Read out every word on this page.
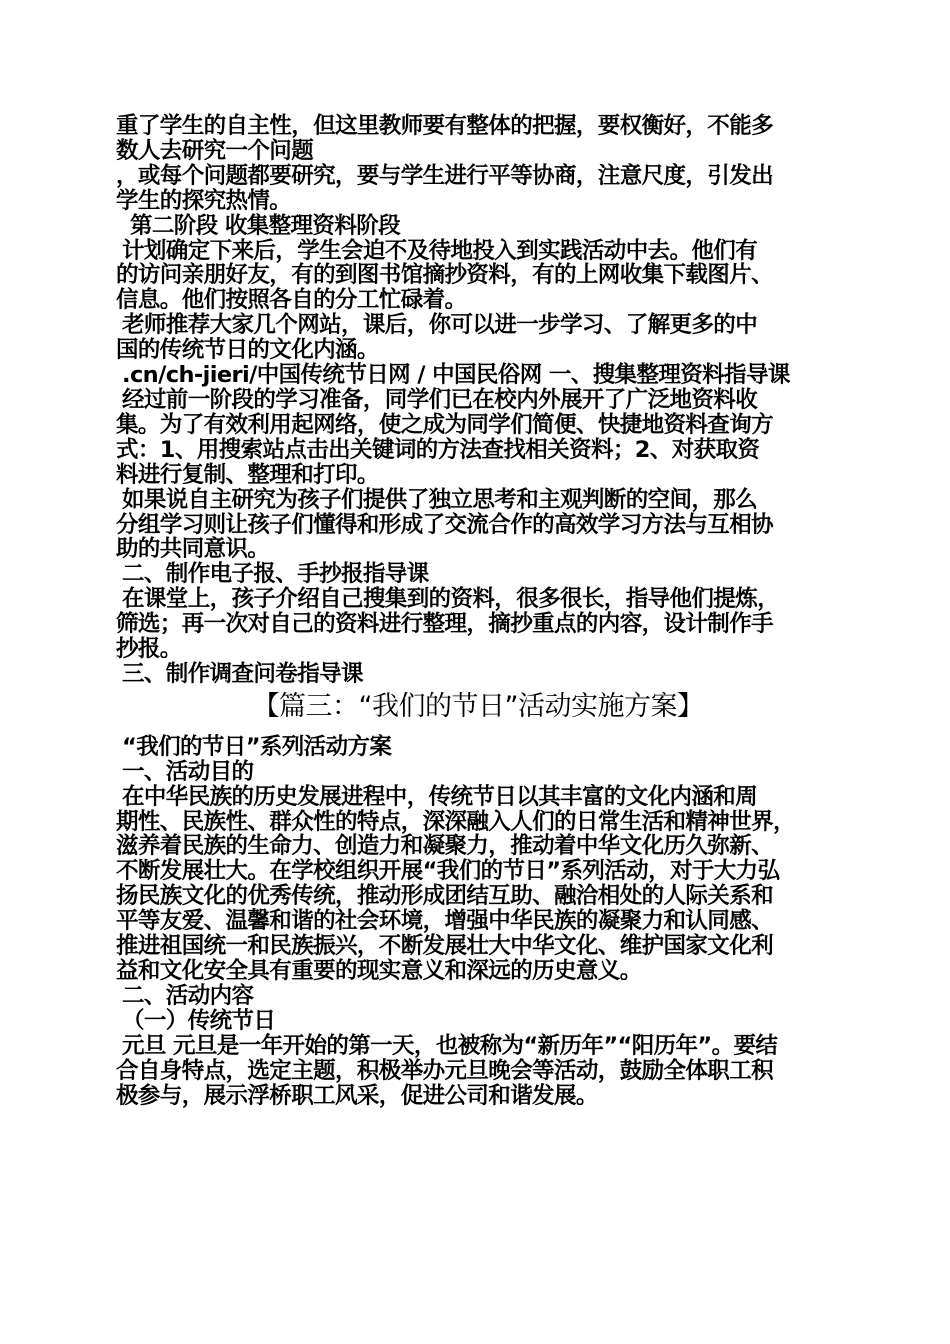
重了学生的自主性，但这里教师要有整体的把握，要权衡好，不能多
数人去研究一个问题
，或每个问题都要研究，要与学生进行平等协商，注意尺度，引发出
学生的探究热情。
第二阶段 收集整理资料阶段
计划确定下来后，学生会迫不及待地投入到实践活动中去。他们有
的访问亲朋好友，有的到图书馆摘抄资料，有的上网收集下载图片、
信息。他们按照各自的分工忙碌着。
老师推荐大家几个网站，课后，你可以进一步学习、了解更多的中
国的传统节日的文化内涵。
.cn/ch-jieri/中国传统节日网 / 中国民俗网 一、搜集整理资料指导课
经过前一阶段的学习准备，同学们已在校内外展开了广泛地资料收
集。为了有效利用起网络，使之成为同学们简便、快捷地资料查询方
式：1、用搜索站点击出关键词的方法查找相关资料；2、对获取资
料进行复制、整理和打印。
如果说自主研究为孩子们提供了独立思考和主观判断的空间，那么
分组学习则让孩子们懂得和形成了交流合作的高效学习方法与互相协
助的共同意识。
二、制作电子报、手抄报指导课
在课堂上，孩子介绍自己搜集到的资料，很多很长，指导他们提炼，
筛选；再一次对自己的资料进行整理，摘抄重点的内容，设计制作手
抄报。
三、制作调查问卷指导课
【篇三：“我们的节日”活动实施方案】
“我们的节日”系列活动方案
一、活动目的
在中华民族的历史发展进程中，传统节日以其丰富的文化内涵和周
期性、民族性、群众性的特点，深深融入人们的日常生活和精神世界，
滋养着民族的生命力、创造力和凝聚力，推动着中华文化历久弥新、
不断发展壮大。在学校组织开展“我们的节日”系列活动，对于大力弘
扬民族文化的优秀传统，推动形成团结互助、融洽相处的人际关系和
平等友爱、温馨和谐的社会环境，增强中华民族的凝聚力和认同感、
推进祖国统一和民族振兴，不断发展壮大中华文化、维护国家文化利
益和文化安全具有重要的现实意义和深远的历史意义。
二、活动内容
（一）传统节日
元旦 元旦是一年开始的第一天，也被称为“新历年”“阳历年”。要结
合自身特点，选定主题，积极举办元旦晚会等活动，鼓励全体职工积
极参与，展示浮桥职工风采，促进公司和谐发展。
